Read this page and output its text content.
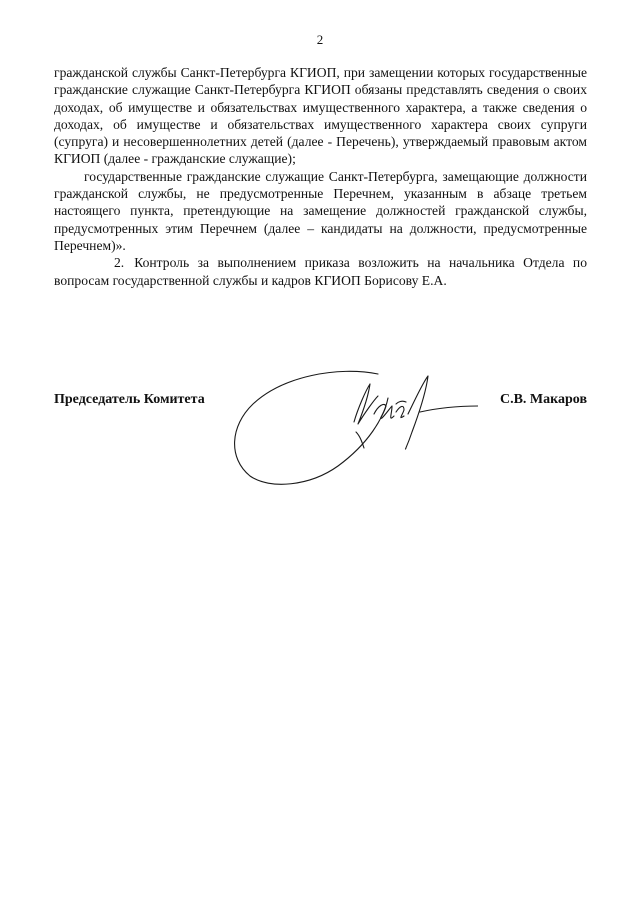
2

гражданской службы Санкт-Петербурга КГИОП, при замещении которых государственные гражданские служащие Санкт-Петербурга КГИОП обязаны представлять сведения о своих доходах, об имуществе и обязательствах имущественного характера, а также сведения о доходах, об имуществе и обязательствах имущественного характера своих супруги (супруга) и несовершеннолетних детей (далее - Перечень), утверждаемый правовым актом КГИОП (далее - гражданские служащие);

государственные гражданские служащие Санкт-Петербурга, замещающие должности гражданской службы, не предусмотренные Перечнем, указанным в абзаце третьем настоящего пункта, претендующие на замещение должностей гражданской службы, предусмотренных этим Перечнем (далее – кандидаты на должности, предусмотренные Перечнем)».

2. Контроль за выполнением приказа возложить на начальника Отдела по вопросам государственной службы и кадров КГИОП Борисову Е.А.

Председатель Комитета	С.В. Макаров
